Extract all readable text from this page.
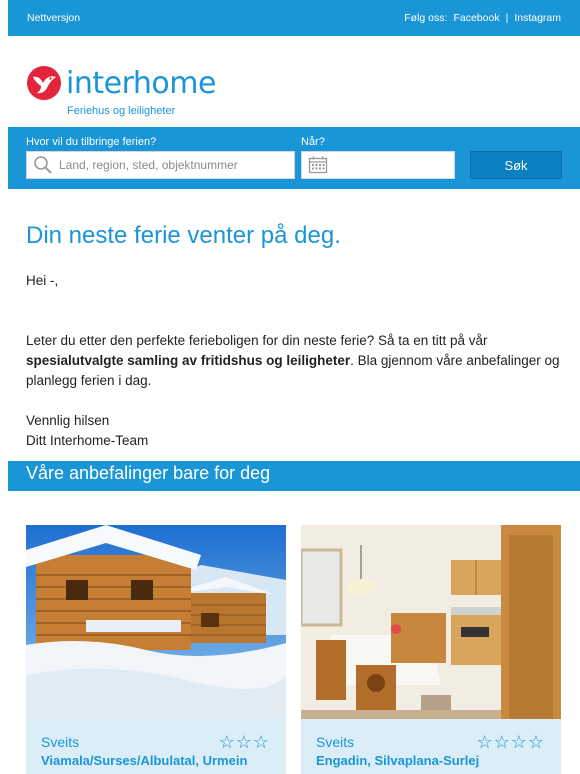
Nettversjon	Følg oss: Facebook | Instagram
interhome
Feriehus og leiligheter
Hvor vil du tilbringe ferien?	Når?
Land, region, sted, objektnummer	Søk
Din neste ferie venter på deg.

Hei -,

Leter du etter den perfekte ferieboligen for din neste ferie? Så ta en titt på vår spesialutvalgte samling av fritidshus og leiligheter. Bla gjennom våre anbefalinger og planlegg ferien i dag.

Vennlig hilsen

Ditt Interhome-Team

Våre anbefalinger bare for deg
Sveits	☆☆☆
Viamala/Surses/Albulatal, Urmein
Sveits	☆☆☆☆
Engadin, Silvaplana-Surlej
